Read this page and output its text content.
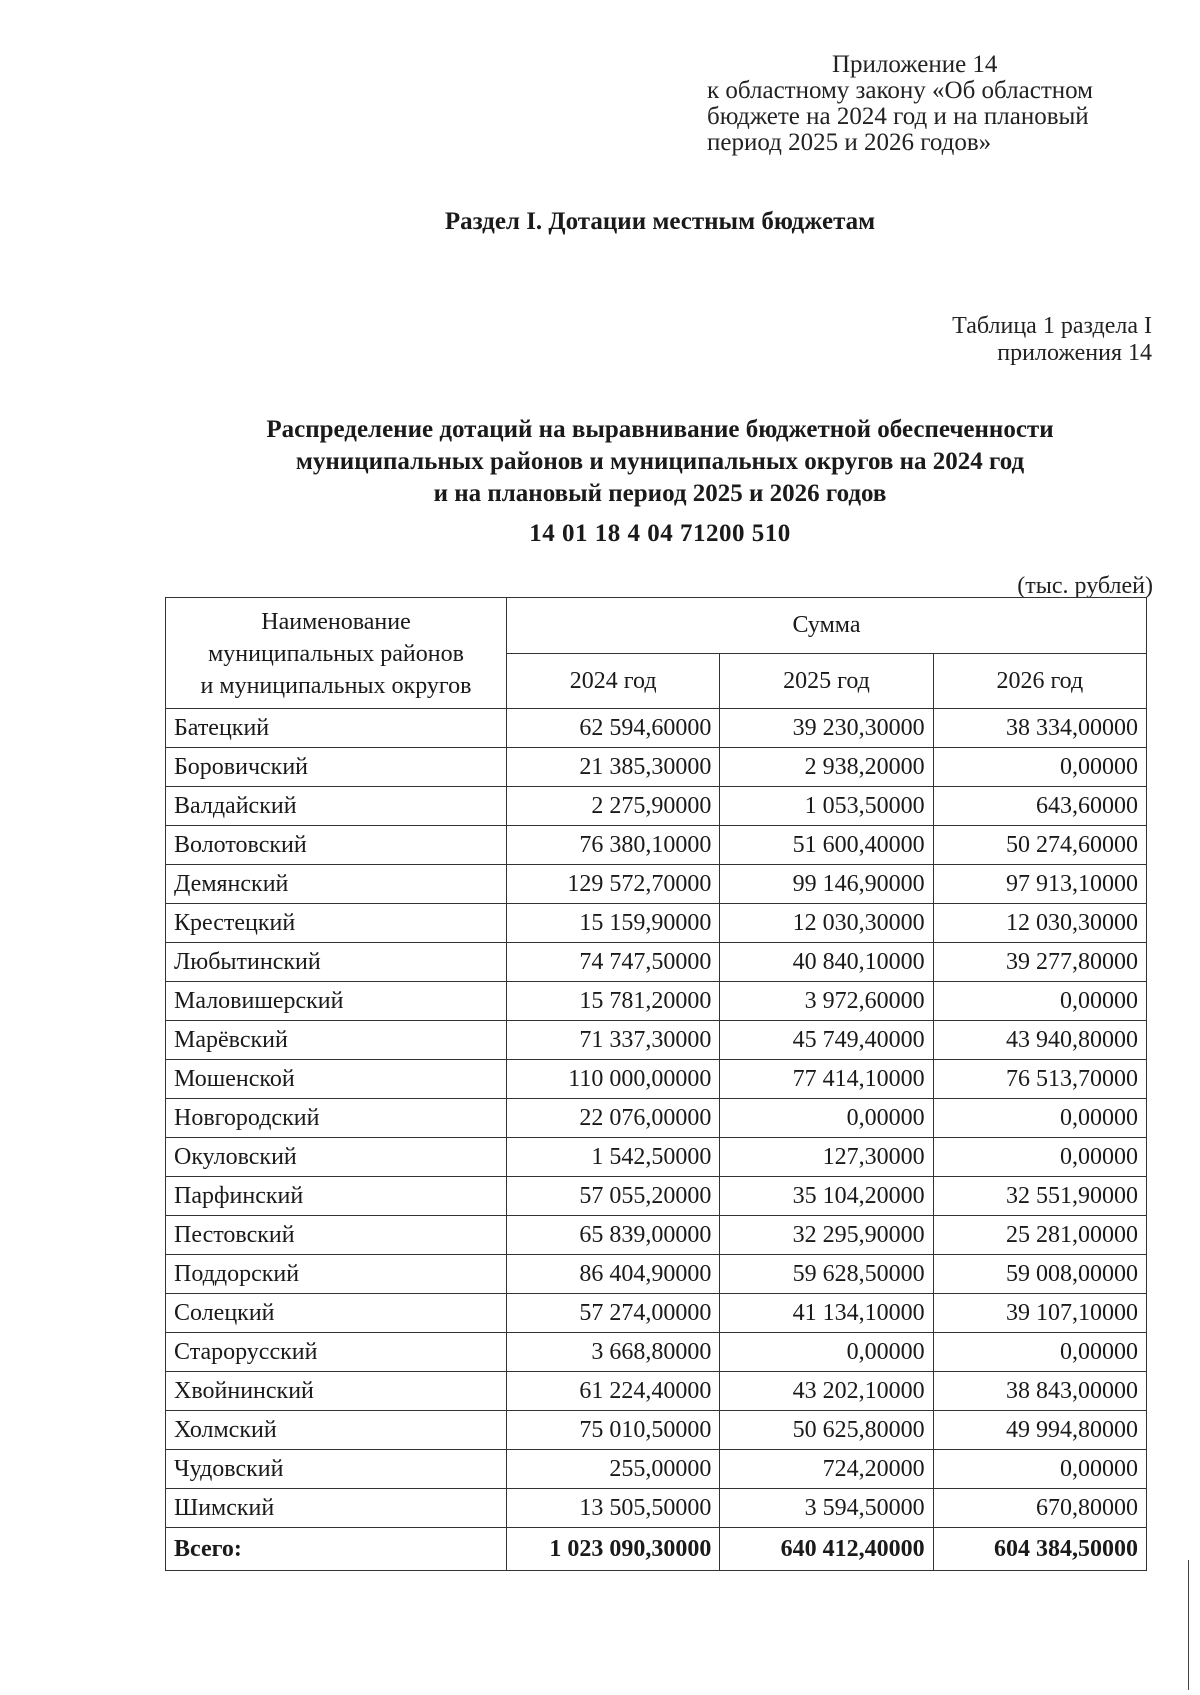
Приложение 14
к областному закону «Об областном
бюджете на 2024 год и на плановый
период 2025 и 2026 годов»
Раздел I. Дотации местным бюджетам
Таблица 1 раздела I
приложения 14
Распределение дотаций на выравнивание бюджетной обеспеченности
муниципальных районов и муниципальных округов на 2024 год
и на плановый период 2025 и 2026 годов
14 01 18 4 04 71200 510
(тыс. рублей)
Наименование
муниципальных районов
и муниципальных округов	Сумма		
	2024 год	2025 год	2026 год
Батецкий	62 594,60000	39 230,30000	38 334,00000
Боровичский	21 385,30000	2 938,20000	0,00000
Валдайский	2 275,90000	1 053,50000	643,60000
Волотовский	76 380,10000	51 600,40000	50 274,60000
Демянский	129 572,70000	99 146,90000	97 913,10000
Крестецкий	15 159,90000	12 030,30000	12 030,30000
Любытинский	74 747,50000	40 840,10000	39 277,80000
Маловишерский	15 781,20000	3 972,60000	0,00000
Марёвский	71 337,30000	45 749,40000	43 940,80000
Мошенской	110 000,00000	77 414,10000	76 513,70000
Новгородский	22 076,00000	0,00000	0,00000
Окуловский	1 542,50000	127,30000	0,00000
Парфинский	57 055,20000	35 104,20000	32 551,90000
Пестовский	65 839,00000	32 295,90000	25 281,00000
Поддорский	86 404,90000	59 628,50000	59 008,00000
Солецкий	57 274,00000	41 134,10000	39 107,10000
Старорусский	3 668,80000	0,00000	0,00000
Хвойнинский	61 224,40000	43 202,10000	38 843,00000
Холмский	75 010,50000	50 625,80000	49 994,80000
Чудовский	255,00000	724,20000	0,00000
Шимский	13 505,50000	3 594,50000	670,80000
Всего:	1 023 090,30000	640 412,40000	604 384,50000
